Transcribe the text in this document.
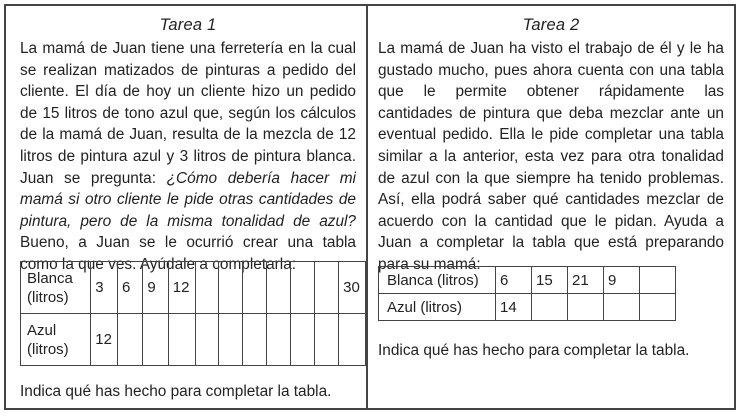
Tarea 1

La mamá de Juan tiene una ferretería en la cual se realizan matizados de pinturas a pedido del cliente. El día de hoy un cliente hizo un pedido de 15 litros de tono azul que, según los cálculos de la mamá de Juan, resulta de la mezcla de 12 litros de pintura azul y 3 litros de pintura blanca. Juan se pregunta: ¿Cómo debería hacer mi mamá si otro cliente le pide otras cantidades de pintura, pero de la misma tonalidad de azul? Bueno, a Juan se le ocurrió crear una tabla como la que ves. Ayúdale a completarla:

Blanca (litros)	3	6	9	12							30
Azul (litros)	12										

Indica qué has hecho para completar la tabla.

Tarea 2

La mamá de Juan ha visto el trabajo de él y le ha gustado mucho, pues ahora cuenta con una tabla que le permite obtener rápidamente las cantidades de pintura que deba mezclar ante un eventual pedido. Ella le pide completar una tabla similar a la anterior, esta vez para otra tonalidad de azul con la que siempre ha tenido problemas. Así, ella podrá saber qué cantidades mezclar de acuerdo con la cantidad que le pidan. Ayuda a Juan a completar la tabla que está preparando para su mamá:

Blanca (litros)	6	15	21	9	
Azul (litros)	14				

Indica qué has hecho para completar la tabla.
